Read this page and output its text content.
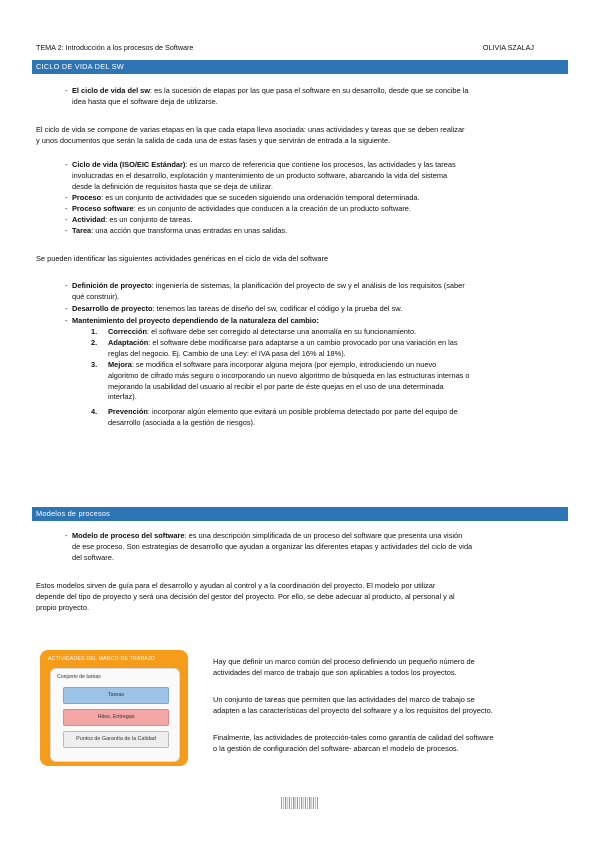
TEMA 2: Introducción a los procesos de Software	OLIVIA SZALAJ
CICLO DE VIDA DEL SW
- El ciclo de vida del sw: es la sucesión de etapas por las que pasa el software en su desarrollo, desde que se concibe la
idea hasta que el software deja de utilizarse.
El ciclo de vida se compone de varias etapas en la que cada etapa lleva asociada: unas actividades y tareas que se deben realizar
y unos documentos que serán la salida de cada una de estas fases y que servirán de entrada a la siguiente.
- Ciclo de vida (ISO/EIC Estándar): es un marco de referencia que contiene los procesos, las actividades y las tareas
involucradas en el desarrollo, explotación y mantenimiento de un producto software, abarcando la vida del sistema
desde la definición de requisitos hasta que se deja de utilizar.
- Proceso: es un conjunto de actividades que se suceden siguiendo una ordenación temporal determinada.
- Proceso software: es un conjunto de actividades que conducen a la creación de un producto software.
- Actividad: es un conjunto de tareas.
- Tarea: una acción que transforma unas entradas en unas salidas.
Se pueden identificar las siguientes actividades genéricas en el ciclo de vida del software
- Definición de proyecto: ingeniería de sistemas, la planificación del proyecto de sw y el análisis de los requisitos (saber
qué construir).
- Desarrollo de proyecto: tenemos las tareas de diseño del sw, codificar el código y la prueba del sw.
- Mantenimiento del proyecto dependiendo de la naturaleza del cambio:
1. Corrección: el software debe ser corregido al detectarse una anomalía en su funcionamiento.
2. Adaptación: el software debe modificarse para adaptarse a un cambio provocado por una variación en las
reglas del negocio. Ej. Cambio de una Ley: el IVA pasa del 16% al 18%).
3. Mejora: se modifica el software para incorporar alguna mejora (por ejemplo, introduciendo un nuevo
algoritmo de cifrado más seguro o incorporando un nuevo algoritmo de búsqueda en las estructuras internas o
mejorando la usabilidad del usuario al recibir el por parte de éste quejas en el uso de una determinada
interfaz).
4. Prevención: incorporar algún elemento que evitará un posible problema detectado por parte del equipo de
desarrollo (asociada a la gestión de riesgos).
Modelos de procesos
- Modelo de proceso del software: es una descripción simplificada de un proceso del software que presenta una visión
de ese proceso. Son estrategias de desarrollo que ayudan a organizar las diferentes etapas y actividades del ciclo de vida
del software.
Estos modelos sirven de guía para el desarrollo y ayudan al control y a la coordinación del proyecto. El modelo por utilizar
depende del tipo de proyecto y será una decisión del gestor del proyecto. Por ello, se debe adecuar al producto, al personal y al
propio proyecto.
ACTIVIDADES DEL MARCO DE TRABAJO
Conjunto de tareas
Tareas
Hitos, Entregas
Puntos de Garantía de la Calidad
Hay que definir un marco común del proceso definiendo un pequeño número de
actividades del marco de trabajo que son aplicables a todos los proyectos.
Un conjunto de tareas que permiten que las actividades del marco de trabajo se
adapten a las características del proyecto del software y a los requisitos del proyecto.
Finalmente, las actividades de protección-tales como garantía de calidad del software
o la gestión de configuración del software- abarcan el modelo de procesos.
